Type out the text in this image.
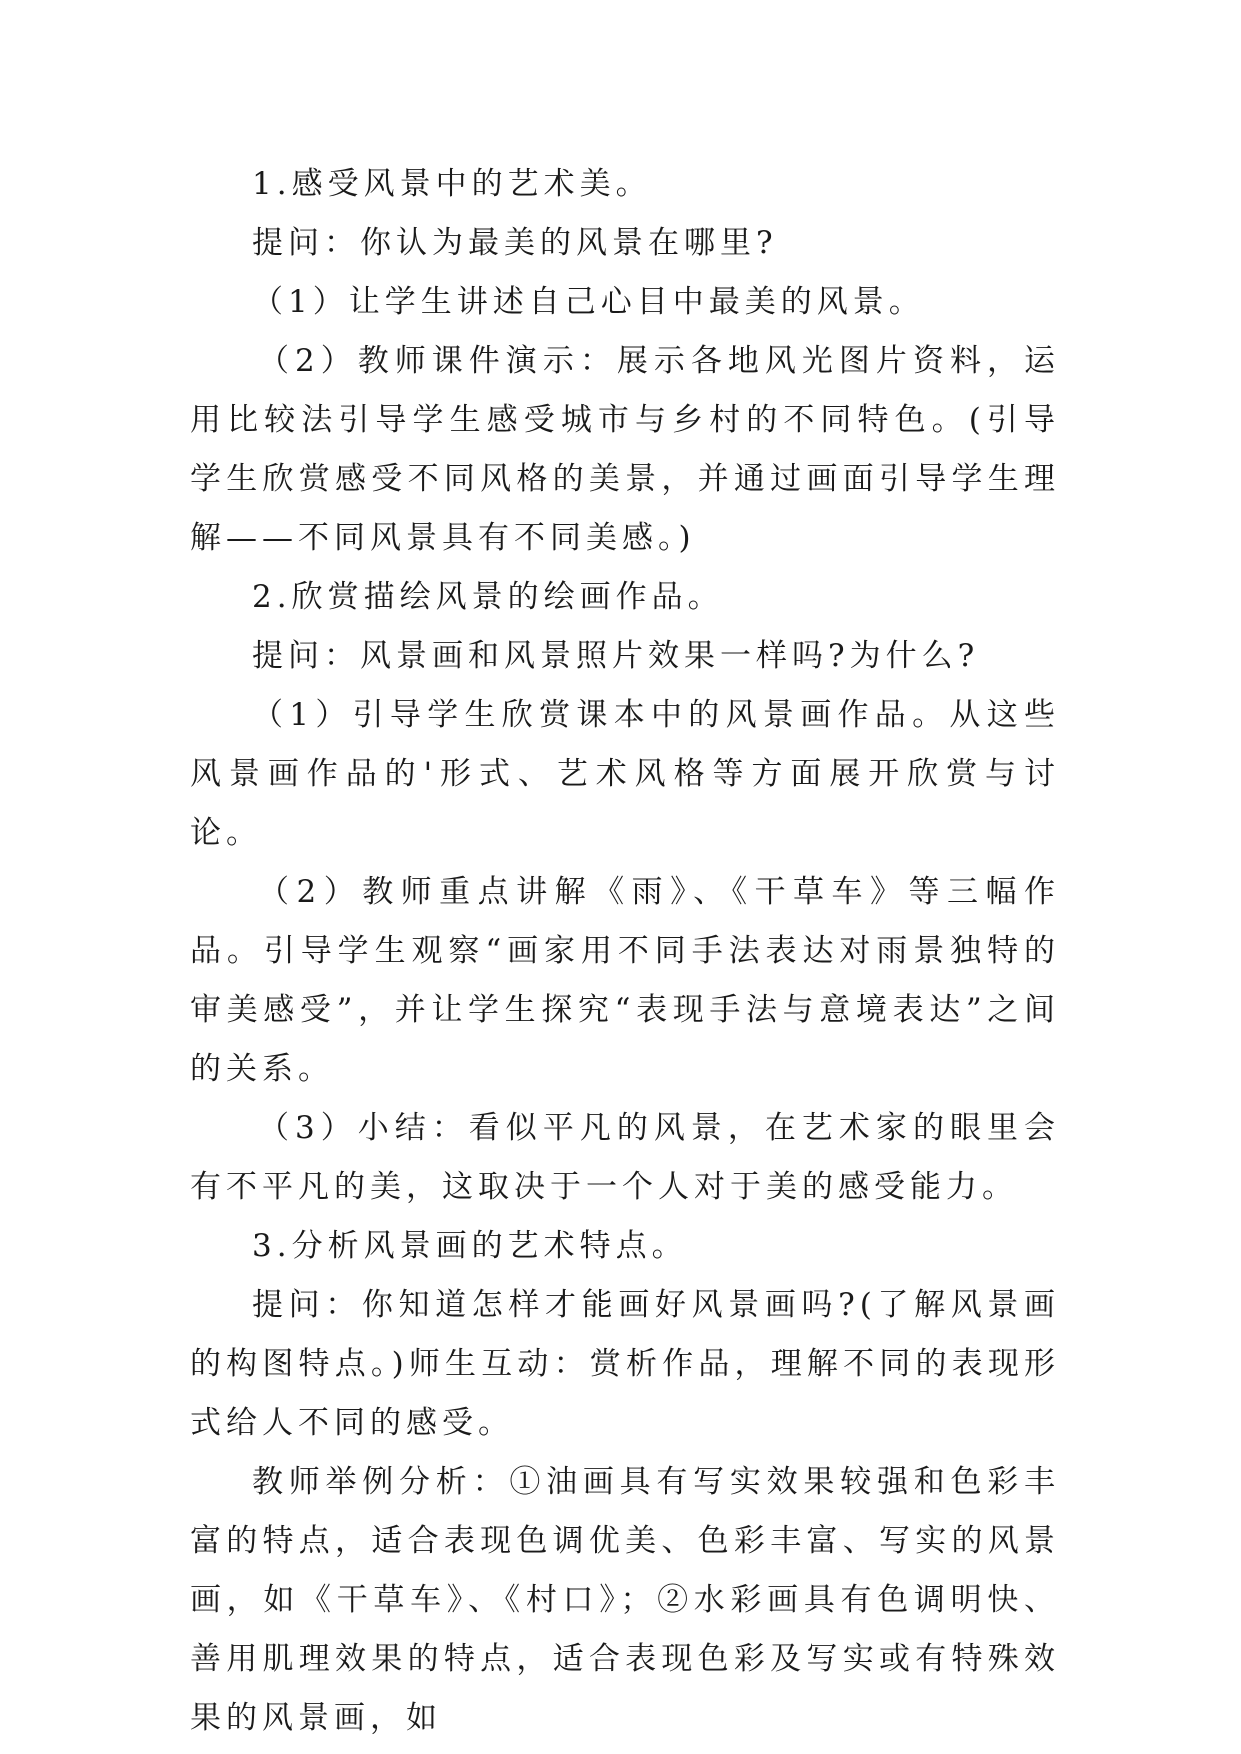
1.感受风景中的艺术美。

提问：你认为最美的风景在哪里?

（1）让学生讲述自己心目中最美的风景。

（2）教师课件演示：展示各地风光图片资料，运用比较法引导学生感受城市与乡村的不同特色。(引导学生欣赏感受不同风格的美景，并通过画面引导学生理解——不同风景具有不同美感。)

2.欣赏描绘风景的绘画作品。

提问：风景画和风景照片效果一样吗?为什么?

（1）引导学生欣赏课本中的风景画作品。从这些风景画作品的'形式、艺术风格等方面展开欣赏与讨论。

（2）教师重点讲解《雨》、《干草车》等三幅作品。引导学生观察“画家用不同手法表达对雨景独特的审美感受”，并让学生探究“表现手法与意境表达”之间的关系。

（3）小结：看似平凡的风景，在艺术家的眼里会有不平凡的美，这取决于一个人对于美的感受能力。

3.分析风景画的艺术特点。

提问：你知道怎样才能画好风景画吗?(了解风景画的构图特点。)师生互动：赏析作品，理解不同的表现形式给人不同的感受。

教师举例分析：①油画具有写实效果较强和色彩丰富的特点，适合表现色调优美、色彩丰富、写实的风景画，如《干草车》、《村口》；②水彩画具有色调明快、善用肌理效果的特点，适合表现色彩及写实或有特殊效果的风景画，如
